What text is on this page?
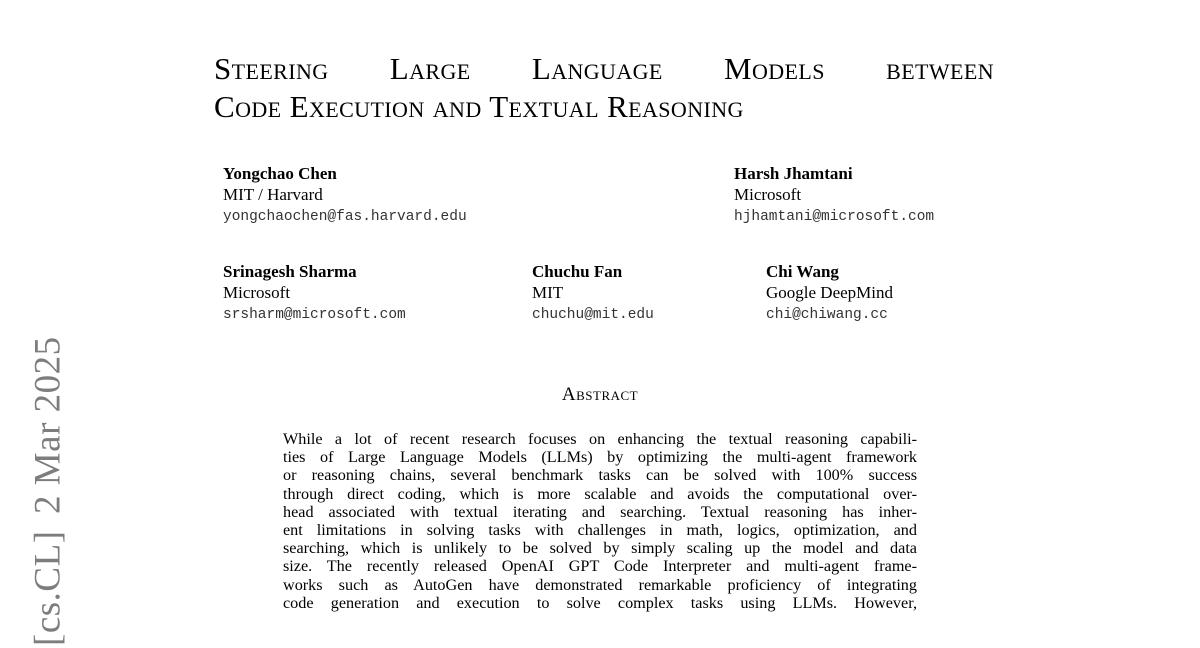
[cs.CL]
2 Mar 2025
Steering Large Language Models between
Code Execution and Textual Reasoning
Yongchao Chen
MIT / Harvard
yongchaochen@fas.harvard.edu
Harsh Jhamtani
Microsoft
hjhamtani@microsoft.com
Srinagesh Sharma
Microsoft
srsharm@microsoft.com
Chuchu Fan
MIT
chuchu@mit.edu
Chi Wang
Google DeepMind
chi@chiwang.cc
Abstract
While a lot of recent research focuses on enhancing the textual reasoning capabili-
ties of Large Language Models (LLMs) by optimizing the multi-agent framework
or reasoning chains, several benchmark tasks can be solved with 100% success
through direct coding, which is more scalable and avoids the computational over-
head associated with textual iterating and searching. Textual reasoning has inher-
ent limitations in solving tasks with challenges in math, logics, optimization, and
searching, which is unlikely to be solved by simply scaling up the model and data
size. The recently released OpenAI GPT Code Interpreter and multi-agent frame-
works such as AutoGen have demonstrated remarkable proficiency of integrating
code generation and execution to solve complex tasks using LLMs. However,
